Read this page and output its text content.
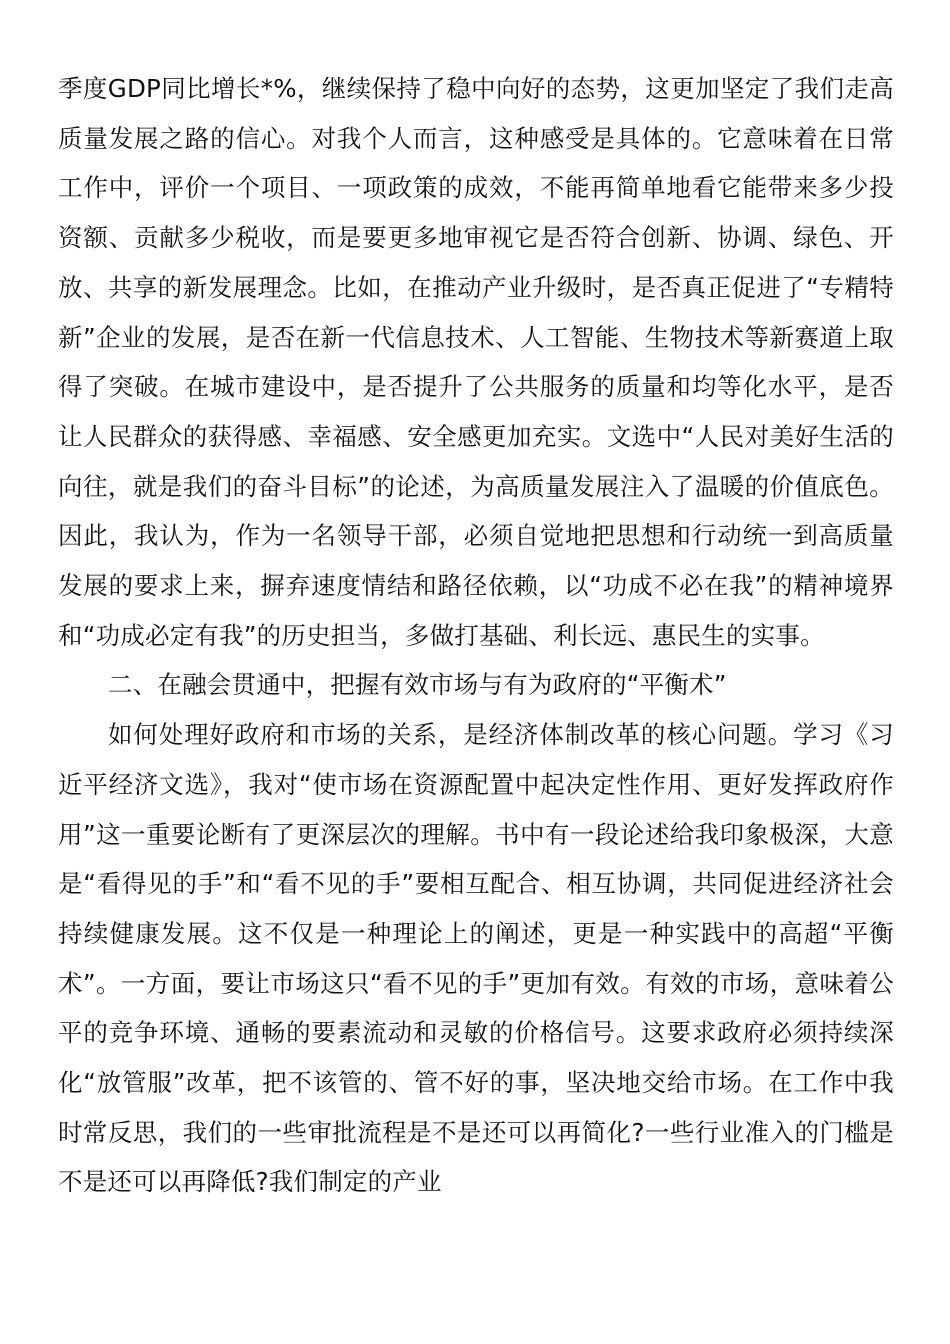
季度GDP同比增长*%，继续保持了稳中向好的态势，这更加坚定了我们走高质量发展之路的信心。对我个人而言，这种感受是具体的。它意味着在日常工作中，评价一个项目、一项政策的成效，不能再简单地看它能带来多少投资额、贡献多少税收，而是要更多地审视它是否符合创新、协调、绿色、开放、共享的新发展理念。比如，在推动产业升级时，是否真正促进了“专精特新”企业的发展，是否在新一代信息技术、人工智能、生物技术等新赛道上取得了突破。在城市建设中，是否提升了公共服务的质量和均等化水平，是否让人民群众的获得感、幸福感、安全感更加充实。文选中“人民对美好生活的向往，就是我们的奋斗目标”的论述，为高质量发展注入了温暖的价值底色。因此，我认为，作为一名领导干部，必须自觉地把思想和行动统一到高质量发展的要求上来，摒弃速度情结和路径依赖，以“功成不必在我”的精神境界和“功成必定有我”的历史担当，多做打基础、利长远、惠民生的实事。

二、在融会贯通中，把握有效市场与有为政府的“平衡术”

如何处理好政府和市场的关系，是经济体制改革的核心问题。学习《习近平经济文选》，我对“使市场在资源配置中起决定性作用、更好发挥政府作用”这一重要论断有了更深层次的理解。书中有一段论述给我印象极深，大意是“看得见的手”和“看不见的手”要相互配合、相互协调，共同促进经济社会持续健康发展。这不仅是一种理论上的阐述，更是一种实践中的高超“平衡术”。一方面，要让市场这只“看不见的手”更加有效。有效的市场，意味着公平的竞争环境、通畅的要素流动和灵敏的价格信号。这要求政府必须持续深化“放管服”改革，把不该管的、管不好的事，坚决地交给市场。在工作中我时常反思，我们的一些审批流程是不是还可以再简化?一些行业准入的门槛是不是还可以再降低?我们制定的产业
